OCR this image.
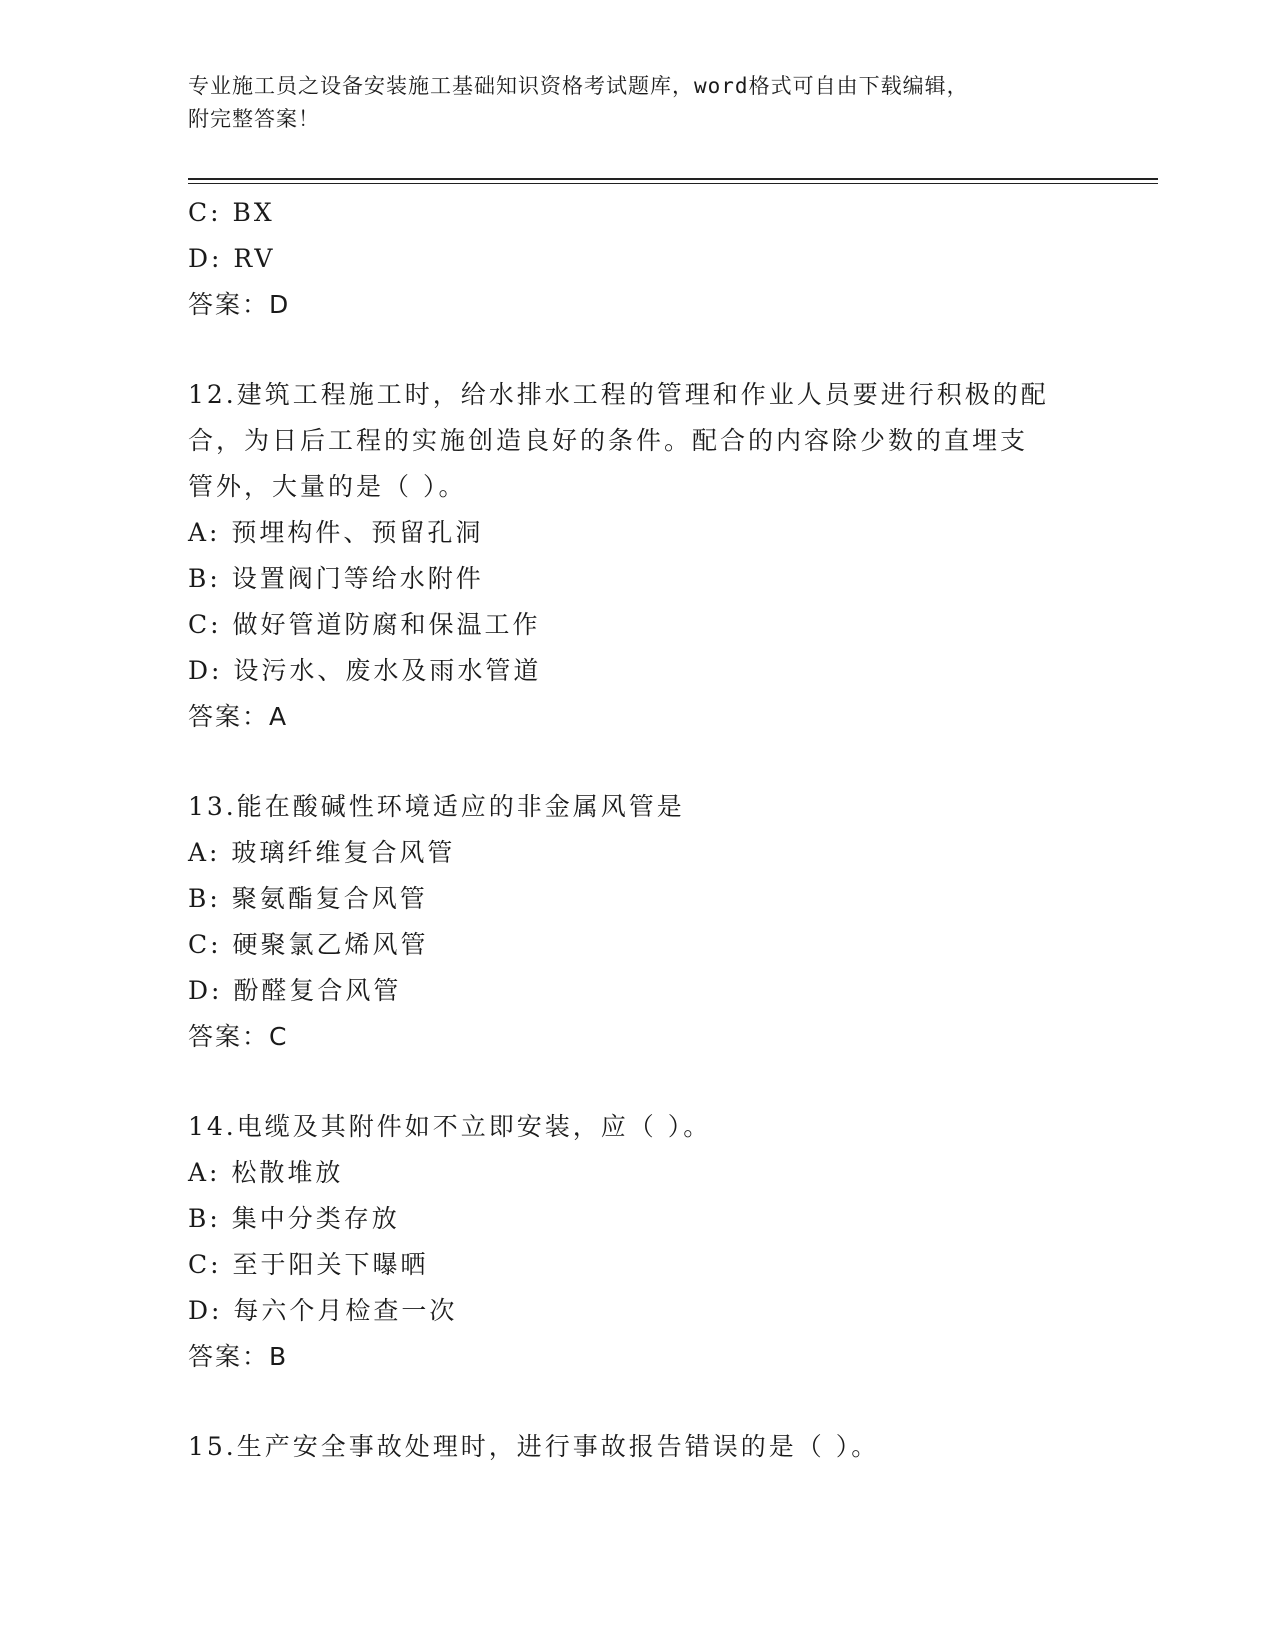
专业施工员之设备安装施工基础知识资格考试题库，word格式可自由下载编辑，
附完整答案！
C: BX
D: RV
答案：D
12.建筑工程施工时，给水排水工程的管理和作业人员要进行积极的配
合，为日后工程的实施创造良好的条件。配合的内容除少数的直埋支
管外，大量的是（ ）。
A: 预埋构件、预留孔洞
B: 设置阀门等给水附件
C: 做好管道防腐和保温工作
D: 设污水、废水及雨水管道
答案：A
13.能在酸碱性环境适应的非金属风管是
A: 玻璃纤维复合风管
B: 聚氨酯复合风管
C: 硬聚氯乙烯风管
D: 酚醛复合风管
答案：C
14.电缆及其附件如不立即安装，应（ ）。
A: 松散堆放
B: 集中分类存放
C: 至于阳关下曝晒
D: 每六个月检查一次
答案：B
15.生产安全事故处理时，进行事故报告错误的是（ ）。
